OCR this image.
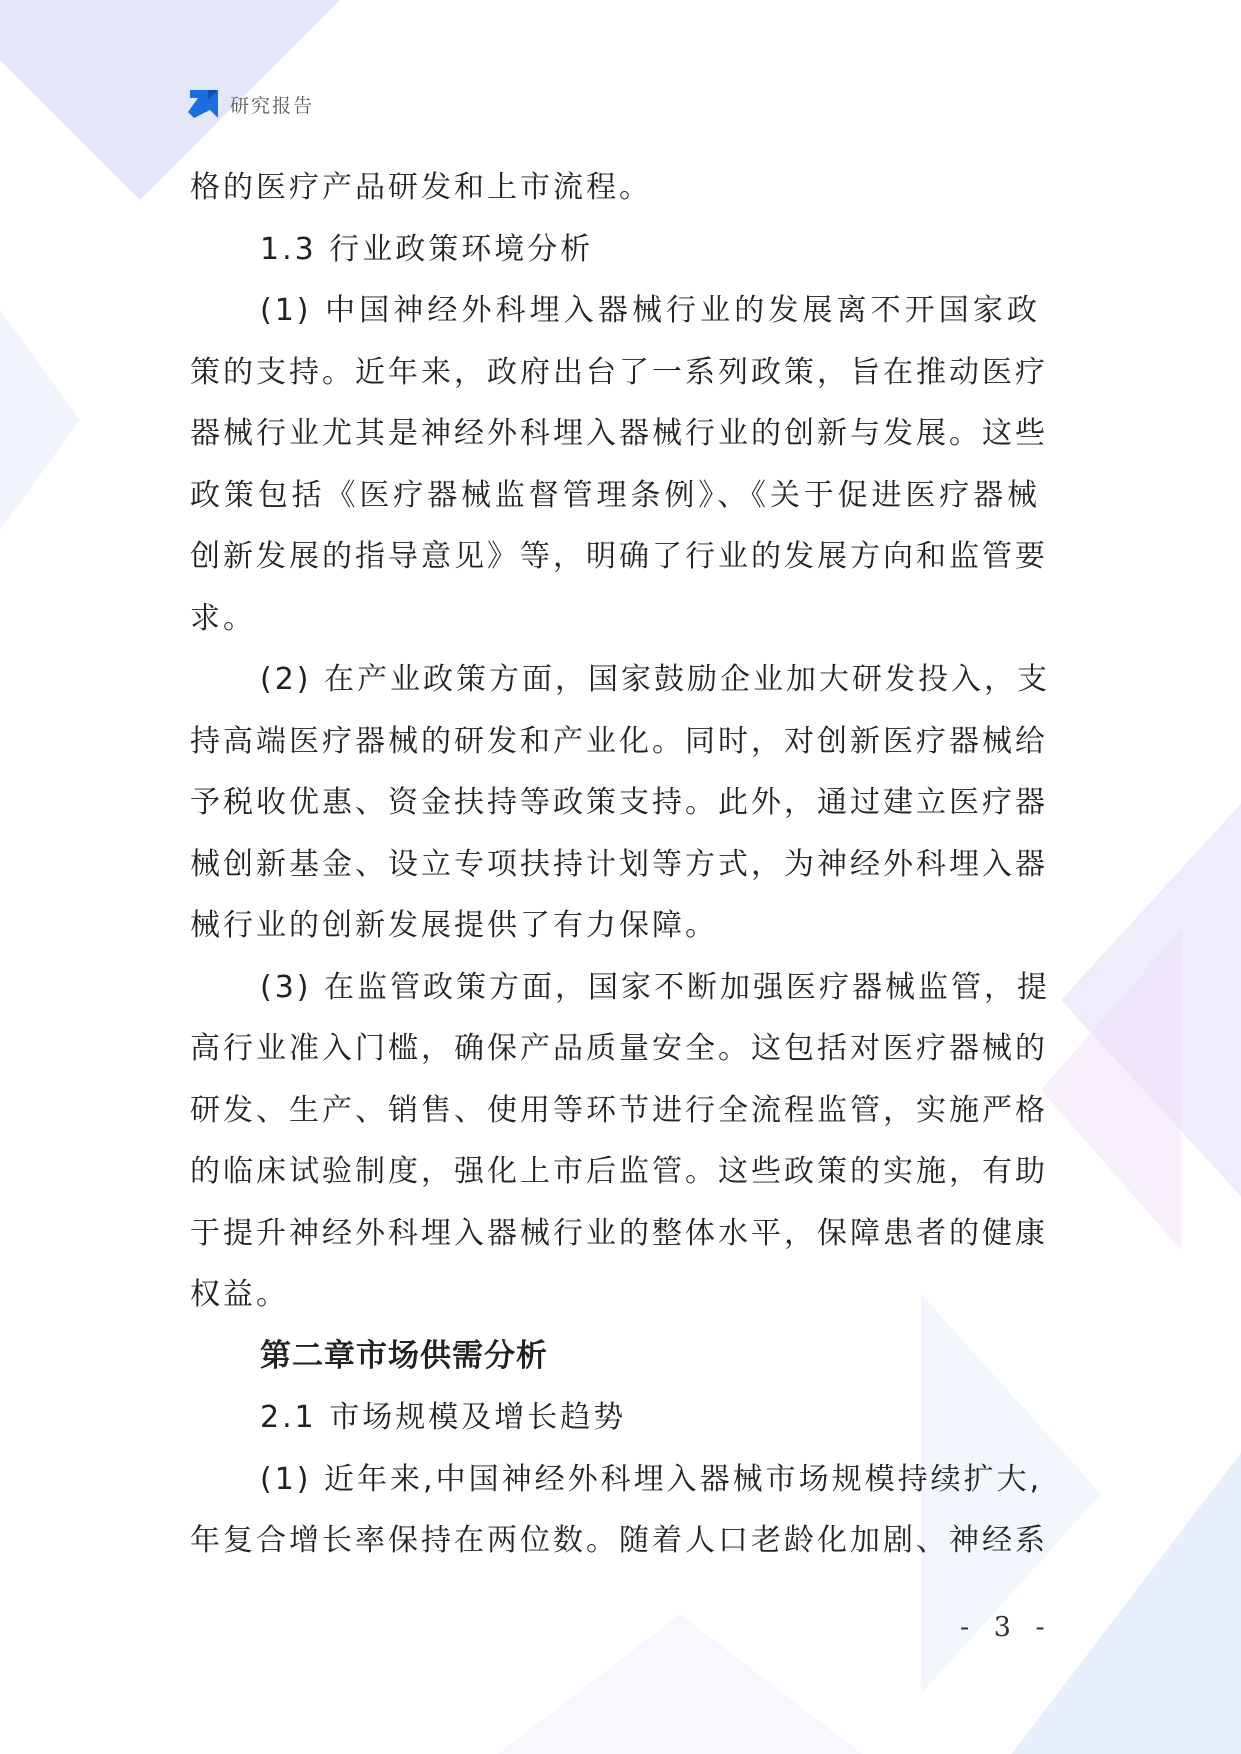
研究报告
格的医疗产品研发和上市流程。
1.3 行业政策环境分析
(1) 中国神经外科埋入器械行业的发展离不开国家政
策的支持。近年来，政府出台了一系列政策，旨在推动医疗
器械行业尤其是神经外科埋入器械行业的创新与发展。这些
政策包括《医疗器械监督管理条例》、《关于促进医疗器械
创新发展的指导意见》等，明确了行业的发展方向和监管要
求。
(2) 在产业政策方面，国家鼓励企业加大研发投入，支
持高端医疗器械的研发和产业化。同时，对创新医疗器械给
予税收优惠、资金扶持等政策支持。此外，通过建立医疗器
械创新基金、设立专项扶持计划等方式，为神经外科埋入器
械行业的创新发展提供了有力保障。
(3) 在监管政策方面，国家不断加强医疗器械监管，提
高行业准入门槛，确保产品质量安全。这包括对医疗器械的
研发、生产、销售、使用等环节进行全流程监管，实施严格
的临床试验制度，强化上市后监管。这些政策的实施，有助
于提升神经外科埋入器械行业的整体水平，保障患者的健康
权益。
第二章市场供需分析
2.1 市场规模及增长趋势
(1) 近年来,中国神经外科埋入器械市场规模持续扩大,
年复合增长率保持在两位数。随着人口老龄化加剧、神经系
- 3 -
